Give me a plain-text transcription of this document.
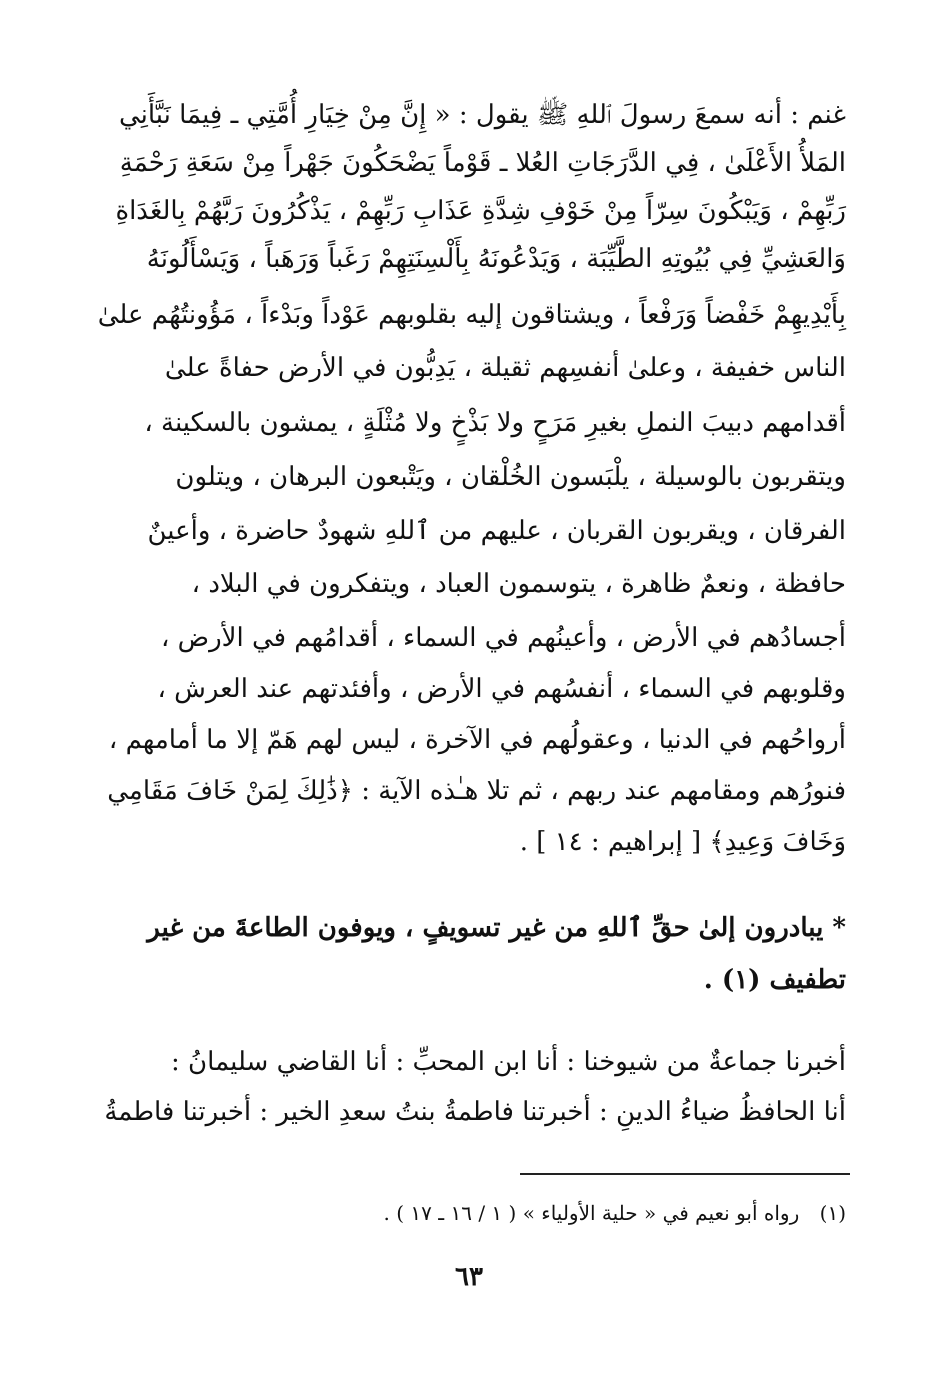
غنم : أنه سمعَ رسولَ ٱللهِ ﷺ يقول : « إِنَّ مِنْ خِيَارِ أُمَّتِي ـ فِيمَا نَبَّأَنِي
المَلأُ الأَعْلَىٰ ، فِي الدَّرَجَاتِ العُلا ـ قَوْماً يَضْحَكُونَ جَهْراً مِنْ سَعَةِ رَحْمَةِ
رَبِّهِمْ ، وَيَبْكُونَ سِرّاً مِنْ خَوْفِ شِدَّةِ عَذَابِ رَبِّهِمْ ، يَذْكُرُونَ رَبَّهُمْ بِالغَدَاةِ
وَالعَشِيِّ فِي بُيُوتِهِ الطَّيِّبَة ، وَيَدْعُونَهُ بِأَلْسِنَتِهِمْ رَغَباً وَرَهَباً ، وَيَسْأَلُونَهُ
بِأَيْدِيهِمْ خَفْضاً وَرَفْعاً ، ويشتاقون إليه بقلوبهم عَوْداً وبَدْءاً ، مَؤُونتُهُم علىٰ
الناس خفيفة ، وعلىٰ أنفسِهم ثقيلة ، يَدِبُّون في الأرض حفاةً علىٰ
أقدامهم دبيبَ النملِ بغيرِ مَرَحٍ ولا بَذْخٍ ولا مُثْلَةٍ ، يمشون بالسكينة ،
ويتقربون بالوسيلة ، يلْبَسون الخُلْقان ، ويَتْبعون البرهان ، ويتلون
الفرقان ، ويقربون القربان ، عليهم من ٱللهِ شهودٌ حاضرة ، وأعينٌ
حافظة ، ونعمٌ ظاهرة ، يتوسمون العباد ، ويتفكرون في البلاد ،
أجسادُهم في الأرض ، وأعينُهم في السماء ، أقدامُهم في الأرض ،
وقلوبهم في السماء ، أنفسُهم في الأرض ، وأفئدتهم عند العرش ،
أرواحُهم في الدنيا ، وعقولُهم في الآخرة ، ليس لهم هَمّ إلا ما أمامهم ،
فنورُهم ومقامهم عند ربهم ، ثم تلا هـٰذه الآية : ﴿ذَٰلِكَ لِمَنْ خَافَ مَقَامِي
وَخَافَ وَعِيدِ﴾ [ إبراهيم : ١٤ ] .
* يبادرون إلىٰ حقِّ ٱللهِ من غير تسويفٍ ، ويوفون الطاعةَ من غير
تطفيف (١) .
أخبرنا جماعةٌ من شيوخنا : أنا ابن المحبِّ : أنا القاضي سليمانُ :
أنا الحافظُ ضياءُ الدينِ : أخبرتنا فاطمةُ بنتُ سعدِ الخير : أخبرتنا فاطمةُ
(١) رواه أبو نعيم في « حلية الأولياء » ( ١ / ١٦ ـ ١٧ ) .
٦٣
